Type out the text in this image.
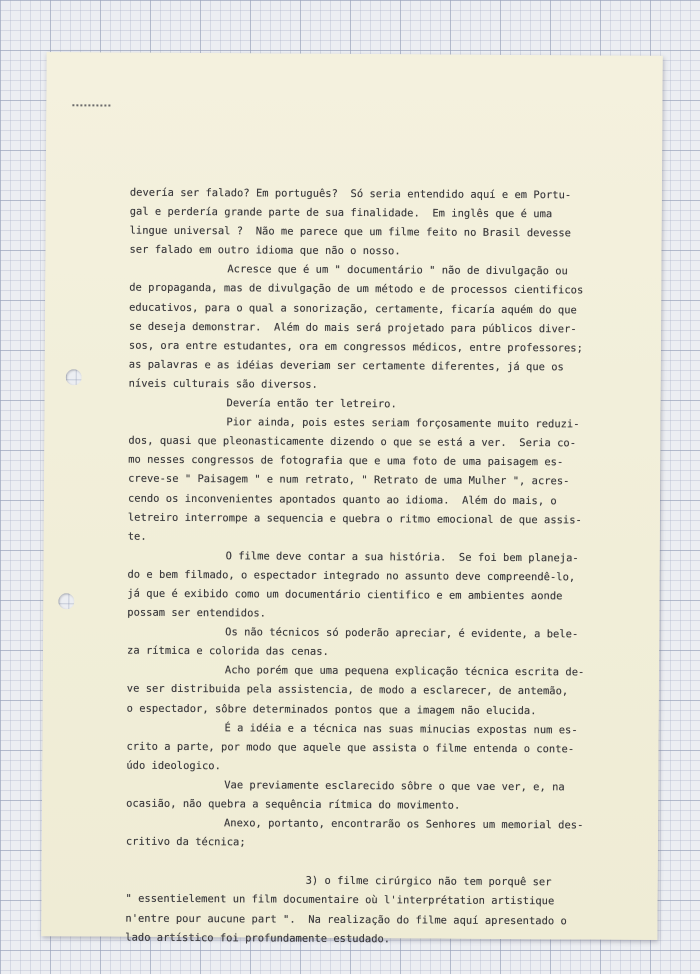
devería ser falado? Em português?  Só seria entendido aquí e em Portu-
gal e perdería grande parte de sua finalidade.  Em inglês que é uma
lingue universal ?  Não me parece que um filme feito no Brasil devesse
ser falado em outro idioma que não o nosso.
Acresce que é um " documentário " não de divulgação ou
de propaganda, mas de divulgação de um método e de processos cientificos
educativos, para o qual a sonorização, certamente, ficaría aquém do que
se deseja demonstrar.  Além do mais será projetado para públicos diver-
sos, ora entre estudantes, ora em congressos médicos, entre professores;
as palavras e as idéias deveriam ser certamente diferentes, já que os
níveis culturais são diversos.
Devería então ter letreiro.
Pior ainda, pois estes seriam forçosamente muito reduzi-
dos, quasi que pleonasticamente dizendo o que se está a ver.  Seria co-
mo nesses congressos de fotografia que e uma foto de uma paisagem es-
creve-se " Paisagem " e num retrato, " Retrato de uma Mulher ", acres-
cendo os inconvenientes apontados quanto ao idioma.  Além do mais, o
letreiro interrompe a sequencia e quebra o ritmo emocional de que assis-
te.
O filme deve contar a sua história.  Se foi bem planeja-
do e bem filmado, o espectador integrado no assunto deve compreendê-lo,
já que é exibido como um documentário cientifico e em ambientes aonde
possam ser entendidos.
Os não técnicos só poderão apreciar, é evidente, a bele-
za rítmica e colorida das cenas.
Acho porém que uma pequena explicação técnica escrita de-
ve ser distribuida pela assistencia, de modo a esclarecer, de antemão,
o espectador, sôbre determinados pontos que a imagem não elucida.
É a idéia e a técnica nas suas minucias expostas num es-
crito a parte, por modo que aquele que assista o filme entenda o conte-
údo ideologico.
Vae previamente esclarecido sôbre o que vae ver, e, na
ocasião, não quebra a sequência rítmica do movimento.
Anexo, portanto, encontrarão os Senhores um memorial des-
critivo da técnica;
3) o filme cirúrgico não tem porquê ser
" essentielement un film documentaire où l'interprétation artistique
n'entre pour aucune part ".  Na realização do filme aquí apresentado o
lado artístico foi profundamente estudado.
